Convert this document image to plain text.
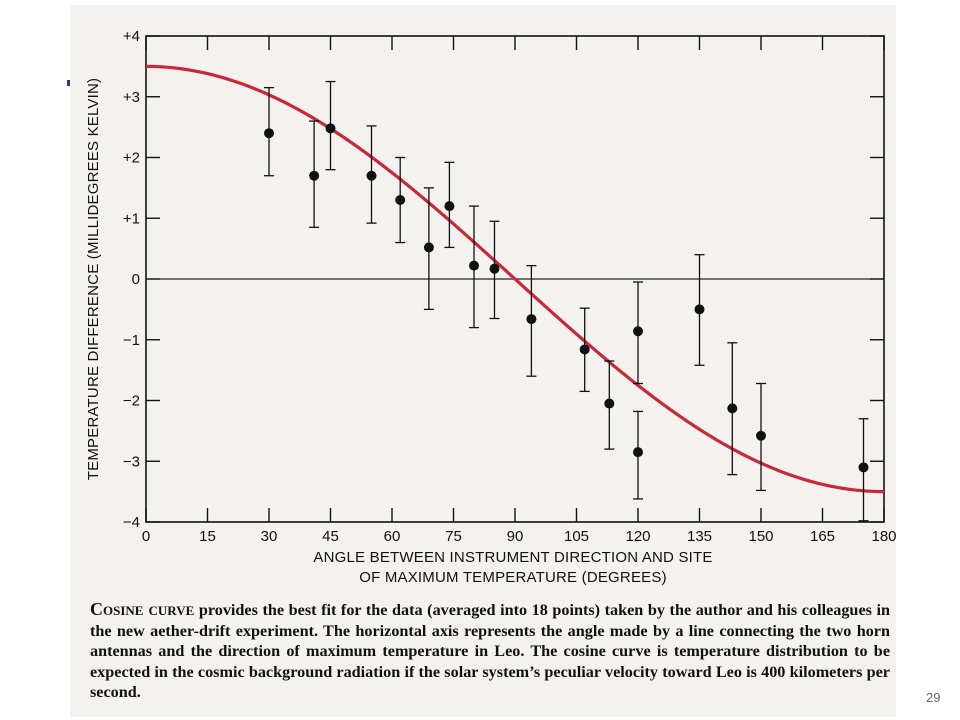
0	15	30	45	60	75	90	105 120 135 150 165 180
+4
+3
+2
+1
0
−1
−2
−3
−4
TEMPERATURE DIFFERENCE (MILLIDEGREES KELVIN)
ANGLE BETWEEN INSTRUMENT DIRECTION AND SITE
OF MAXIMUM TEMPERATURE (DEGREES)

Cosine curve provides the best fit for the data (averaged into 18 points) taken by the author and his colleagues in the new aether-drift experiment. The horizontal axis represents the angle made by a line connecting the two horn antennas and the direction of maximum temperature in Leo. The cosine curve is temperature distribution to be expected in the cosmic background radiation if the solar system’s peculiar velocity toward Leo is 400 kilometers per second.	29
